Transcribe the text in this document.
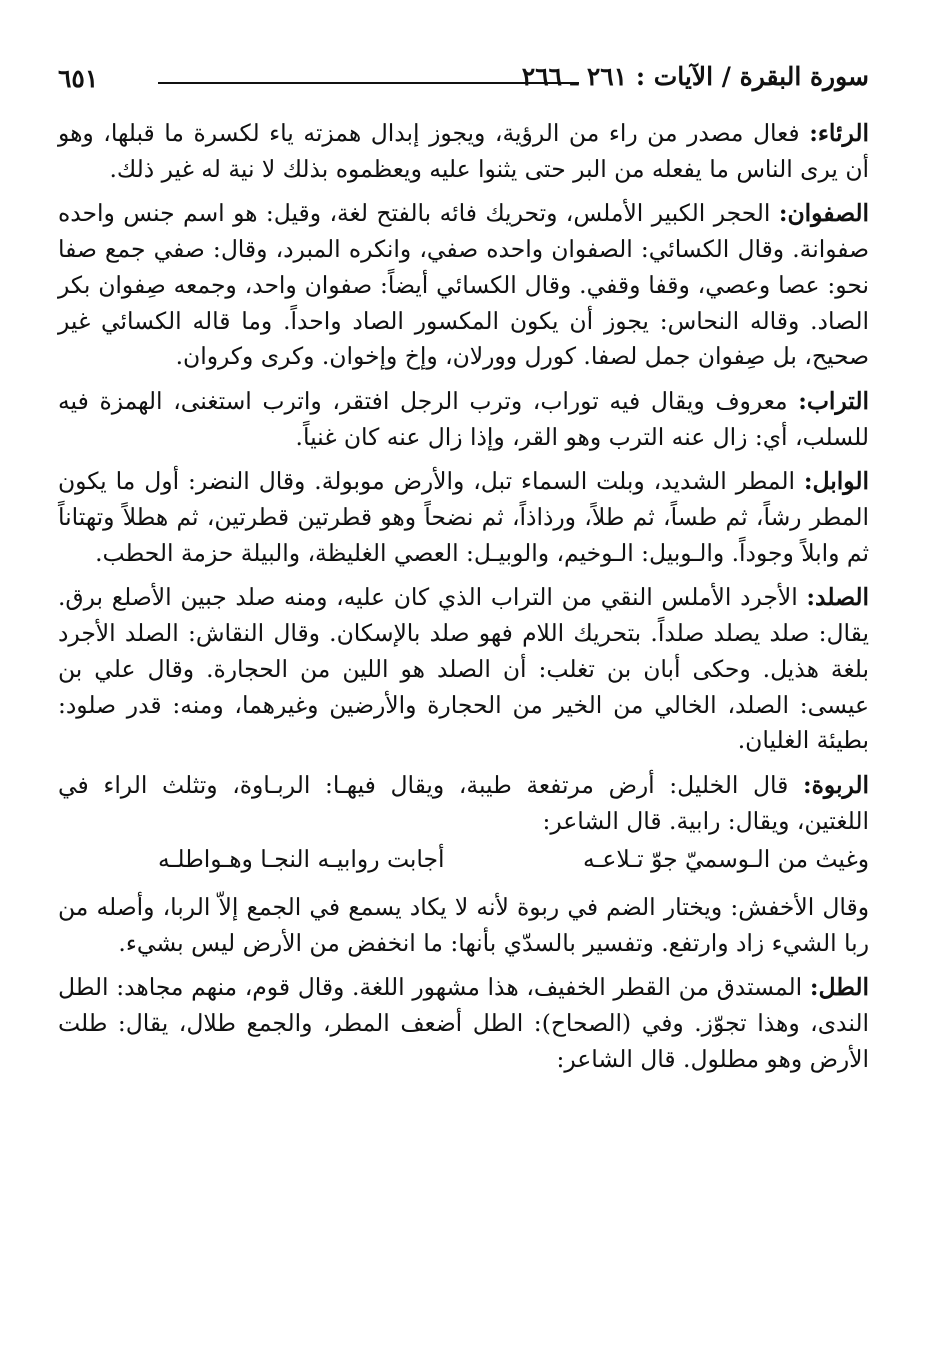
سورة البقرة / الآيات : ٢٦١ ـ ٢٦٦
٦٥١

الرئاء: فعال مصدر من راء من الرؤية، ويجوز إبدال همزته ياء لكسرة ما قبلها، وهو أن يرى الناس ما يفعله من البر حتى يثنوا عليه ويعظموه بذلك لا نية له غير ذلك.

الصفوان: الحجر الكبير الأملس، وتحريك فائه بالفتح لغة، وقيل: هو اسم جنس واحده صفوانة. وقال الكسائي: الصفوان واحده صفي، وانكره المبرد، وقال: صفي جمع صفا نحو: عصا وعصي، وقفا وقفي. وقال الكسائي أيضاً: صفوان واحد، وجمعه صِفوان بكر الصاد. وقاله النحاس: يجوز أن يكون المكسور الصاد واحداً. وما قاله الكسائي غير صحيح، بل صِفوان جمل لصفا. كورل وورلان، وإخ وإخوان. وكرى وكروان.

التراب: معروف ويقال فيه توراب، وترب الرجل افتقر، واترب استغنى، الهمزة فيه للسلب، أي: زال عنه الترب وهو القر، وإذا زال عنه كان غنياً.

الوابل: المطر الشديد، وبلت السماء تبل، والأرض موبولة. وقال النضر: أول ما يكون المطر رشاً، ثم طساً، ثم طلاً، ورذاذاً، ثم نضحاً وهو قطرتين قطرتين، ثم هطلاً وتهتاناً ثم وابلاً وجوداً. والـوبيل: الـوخيم، والوبيـل: العصي الغليظة، والبيلة حزمة الحطب.

الصلد: الأجرد الأملس النقي من التراب الذي كان عليه، ومنه صلد جبين الأصلع برق. يقال: صلد يصلد صلداً. بتحريك اللام فهو صلد بالإسكان. وقال النقاش: الصلد الأجرد بلغة هذيل. وحكى أبان بن تغلب: أن الصلد هو اللين من الحجارة. وقال علي بن عيسى: الصلد، الخالي من الخير من الحجارة والأرضين وغيرهما، ومنه: قدر صلود: بطيئة الغليان.

الربوة: قال الخليل: أرض مرتفعة طيبة، ويقال فيهـا: الربـاوة، وتثلث الراء في اللغتين، ويقال: رابية. قال الشاعر:

وغيث من الـوسميّ جوّ تـلاعـه
أجابت روابيـه النجـا وهـواطلـه

وقال الأخفش: ويختار الضم في ربوة لأنه لا يكاد يسمع في الجمع إلاّ الربا، وأصله من ربا الشيء زاد وارتفع. وتفسير بالسدّي بأنها: ما انخفض من الأرض ليس بشيء.

الطل: المستدق من القطر الخفيف، هذا مشهور اللغة. وقال قوم، منهم مجاهد: الطل الندى، وهذا تجوّز. وفي (الصحاح): الطل أضعف المطر، والجمع طلال، يقال: طلت الأرض وهو مطلول. قال الشاعر:
